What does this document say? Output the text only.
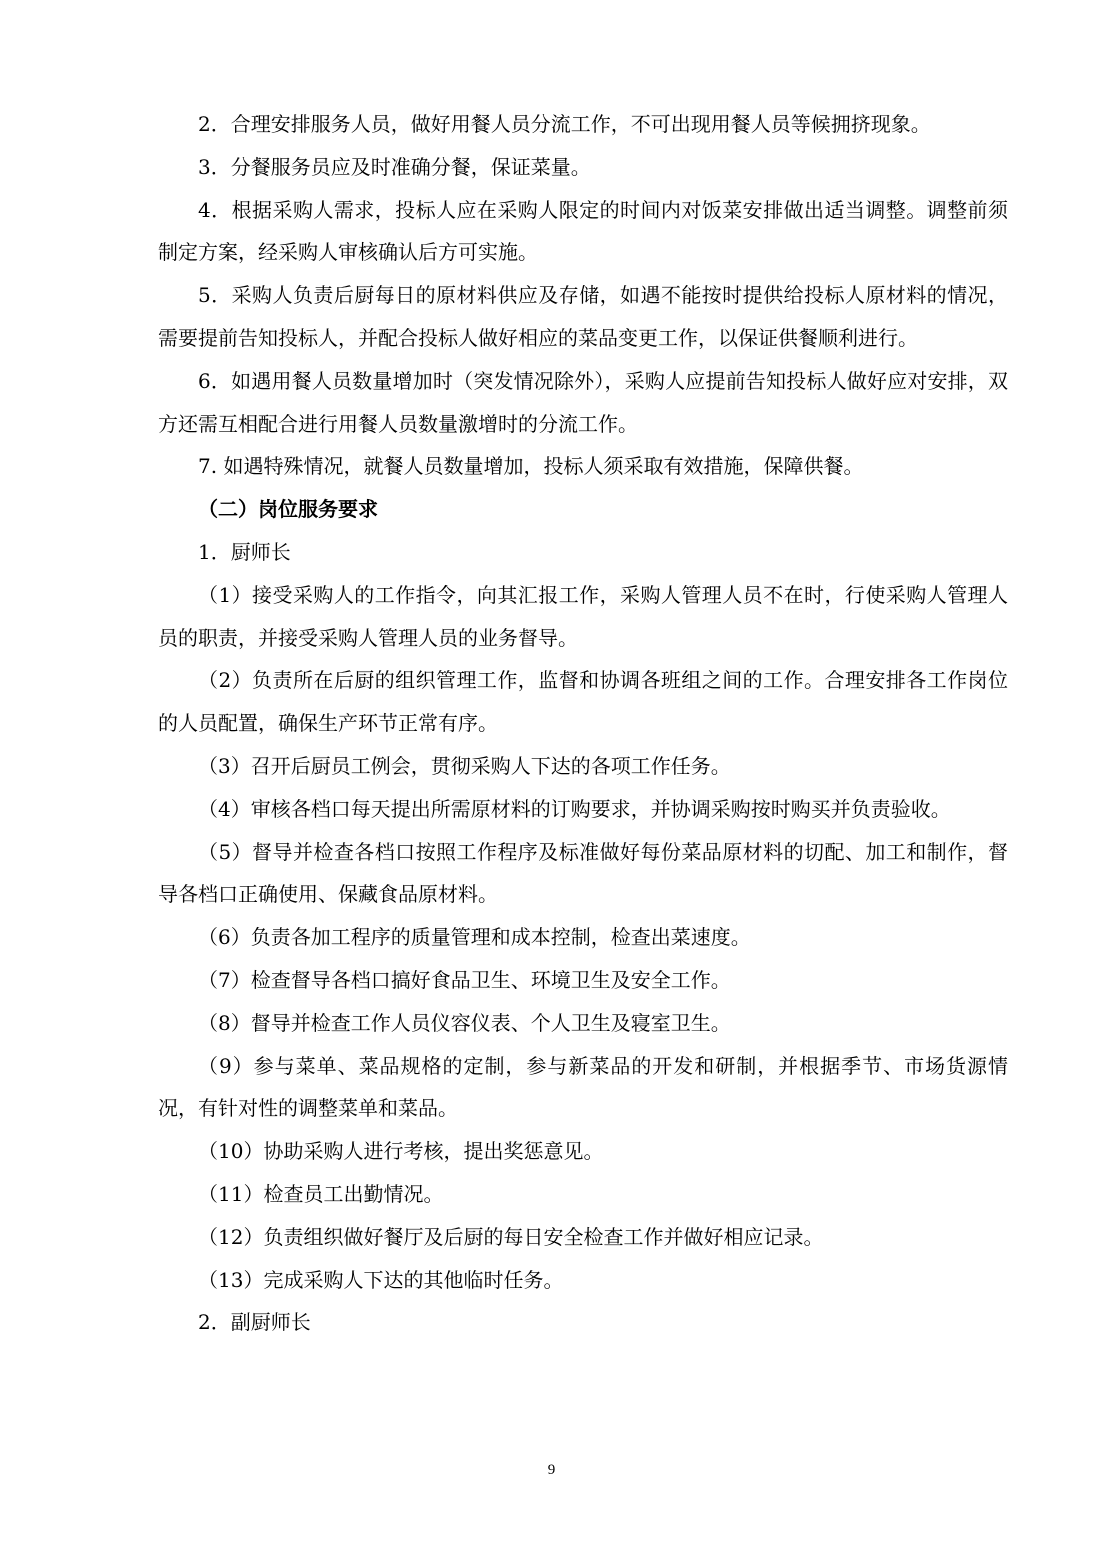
2．合理安排服务人员，做好用餐人员分流工作，不可出现用餐人员等候拥挤现象。

3．分餐服务员应及时准确分餐，保证菜量。

4．根据采购人需求，投标人应在采购人限定的时间内对饭菜安排做出适当调整。调整前须制定方案，经采购人审核确认后方可实施。

5．采购人负责后厨每日的原材料供应及存储，如遇不能按时提供给投标人原材料的情况，需要提前告知投标人，并配合投标人做好相应的菜品变更工作，以保证供餐顺利进行。

6．如遇用餐人员数量增加时（突发情况除外），采购人应提前告知投标人做好应对安排，双方还需互相配合进行用餐人员数量激增时的分流工作。

7. 如遇特殊情况，就餐人员数量增加，投标人须采取有效措施，保障供餐。

（二）岗位服务要求

1．厨师长

（1）接受采购人的工作指令，向其汇报工作，采购人管理人员不在时，行使采购人管理人员的职责，并接受采购人管理人员的业务督导。

（2）负责所在后厨的组织管理工作，监督和协调各班组之间的工作。合理安排各工作岗位的人员配置，确保生产环节正常有序。

（3）召开后厨员工例会，贯彻采购人下达的各项工作任务。

（4）审核各档口每天提出所需原材料的订购要求，并协调采购按时购买并负责验收。

（5）督导并检查各档口按照工作程序及标准做好每份菜品原材料的切配、加工和制作，督导各档口正确使用、保藏食品原材料。

（6）负责各加工程序的质量管理和成本控制，检查出菜速度。

（7）检查督导各档口搞好食品卫生、环境卫生及安全工作。

（8）督导并检查工作人员仪容仪表、个人卫生及寝室卫生。

（9）参与菜单、菜品规格的定制，参与新菜品的开发和研制，并根据季节、市场货源情况，有针对性的调整菜单和菜品。

（10）协助采购人进行考核，提出奖惩意见。

（11）检查员工出勤情况。

（12）负责组织做好餐厅及后厨的每日安全检查工作并做好相应记录。

（13）完成采购人下达的其他临时任务。

2．副厨师长

9
